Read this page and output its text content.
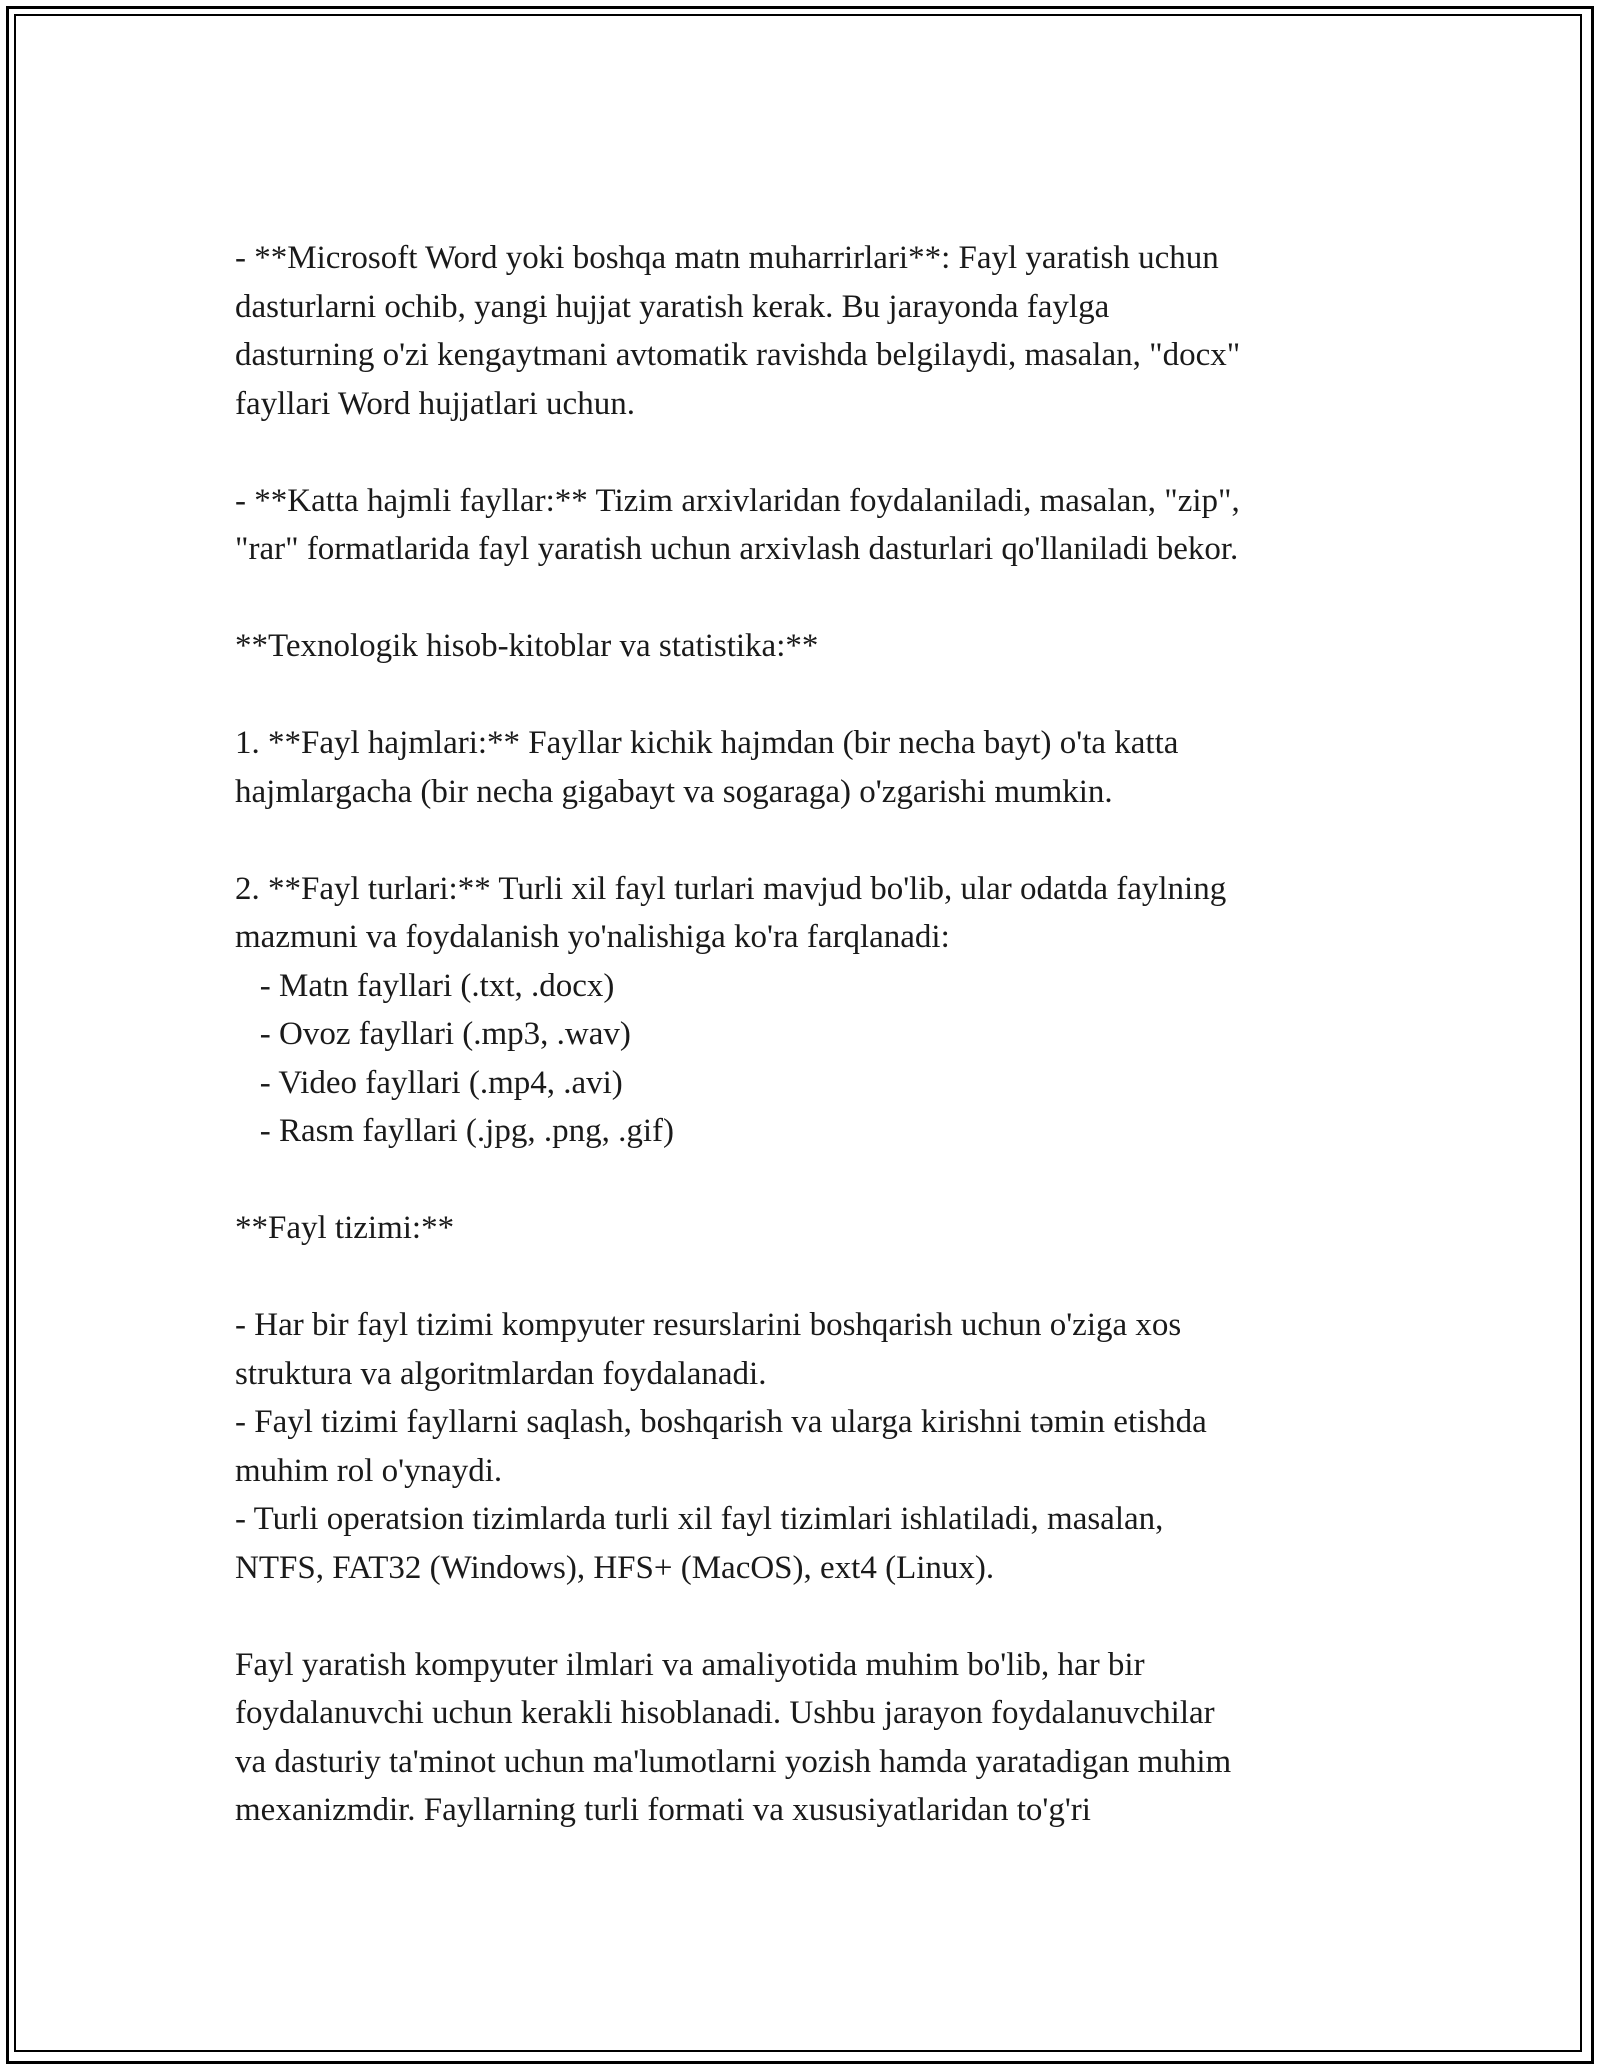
- **Microsoft Word yoki boshqa matn muharrirlari**: Fayl yaratish uchun
dasturlarni ochib, yangi hujjat yaratish kerak. Bu jarayonda faylga
dasturning o'zi kengaytmani avtomatik ravishda belgilaydi, masalan, "docx"
fayllari Word hujjatlari uchun.
- **Katta hajmli fayllar:** Tizim arxivlaridan foydalaniladi, masalan, "zip",
"rar" formatlarida fayl yaratish uchun arxivlash dasturlari qo'llaniladi bekor.
**Texnologik hisob-kitoblar va statistika:**
1. **Fayl hajmlari:** Fayllar kichik hajmdan (bir necha bayt) o'ta katta
hajmlargacha (bir necha gigabayt va sogaraga) o'zgarishi mumkin.
2. **Fayl turlari:** Turli xil fayl turlari mavjud bo'lib, ular odatda faylning
mazmuni va foydalanish yo'nalishiga ko'ra farqlanadi:
- Matn fayllari (.txt, .docx)
- Ovoz fayllari (.mp3, .wav)
- Video fayllari (.mp4, .avi)
- Rasm fayllari (.jpg, .png, .gif)
**Fayl tizimi:**
- Har bir fayl tizimi kompyuter resurslarini boshqarish uchun o'ziga xos
struktura va algoritmlardan foydalanadi.
- Fayl tizimi fayllarni saqlash, boshqarish va ularga kirishni təmin etishda
muhim rol o'ynaydi.
- Turli operatsion tizimlarda turli xil fayl tizimlari ishlatiladi, masalan,
NTFS, FAT32 (Windows), HFS+ (MacOS), ext4 (Linux).
Fayl yaratish kompyuter ilmlari va amaliyotida muhim bo'lib, har bir
foydalanuvchi uchun kerakli hisoblanadi. Ushbu jarayon foydalanuvchilar
va dasturiy ta'minot uchun ma'lumotlarni yozish hamda yaratadigan muhim
mexanizmdir. Fayllarning turli formati va xususiyatlaridan to'g'ri
